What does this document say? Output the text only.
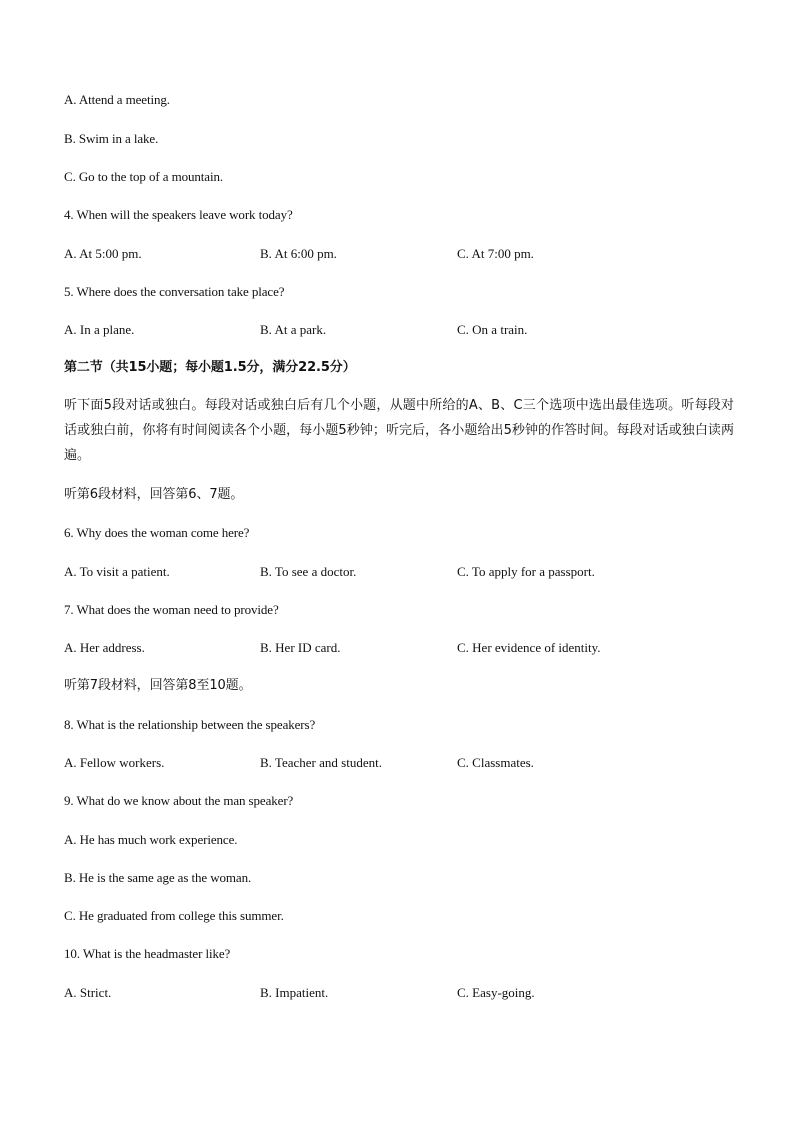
A. Attend a meeting.
B. Swim in a lake.
C. Go to the top of a mountain.
4. When will the speakers leave work today?
A. At 5:00 pm.	B. At 6:00 pm.	C. At 7:00 pm.
5. Where does the conversation take place?
A. In a plane.	B. At a park.	C. On a train.
第二节（共15小题；每小题1.5分，满分22.5分）
听下面5段对话或独白。每段对话或独白后有几个小题，从题中所给的A、B、C三个选项中选出最佳选项。听每段对话或独白前，你将有时间阅读各个小题，每小题5秒钟；听完后，各小题给出5秒钟的作答时间。每段对话或独白读两遍。
听第6段材料，回答第6、7题。
6. Why does the woman come here?
A. To visit a patient.	B. To see a doctor.	C. To apply for a passport.
7. What does the woman need to provide?
A. Her address.	B. Her ID card.	C. Her evidence of identity.
听第7段材料，回答第8至10题。
8. What is the relationship between the speakers?
A. Fellow workers.	B. Teacher and student.	C. Classmates.
9. What do we know about the man speaker?
A. He has much work experience.
B. He is the same age as the woman.
C. He graduated from college this summer.
10. What is the headmaster like?
A. Strict.	B. Impatient.	C. Easy-going.
